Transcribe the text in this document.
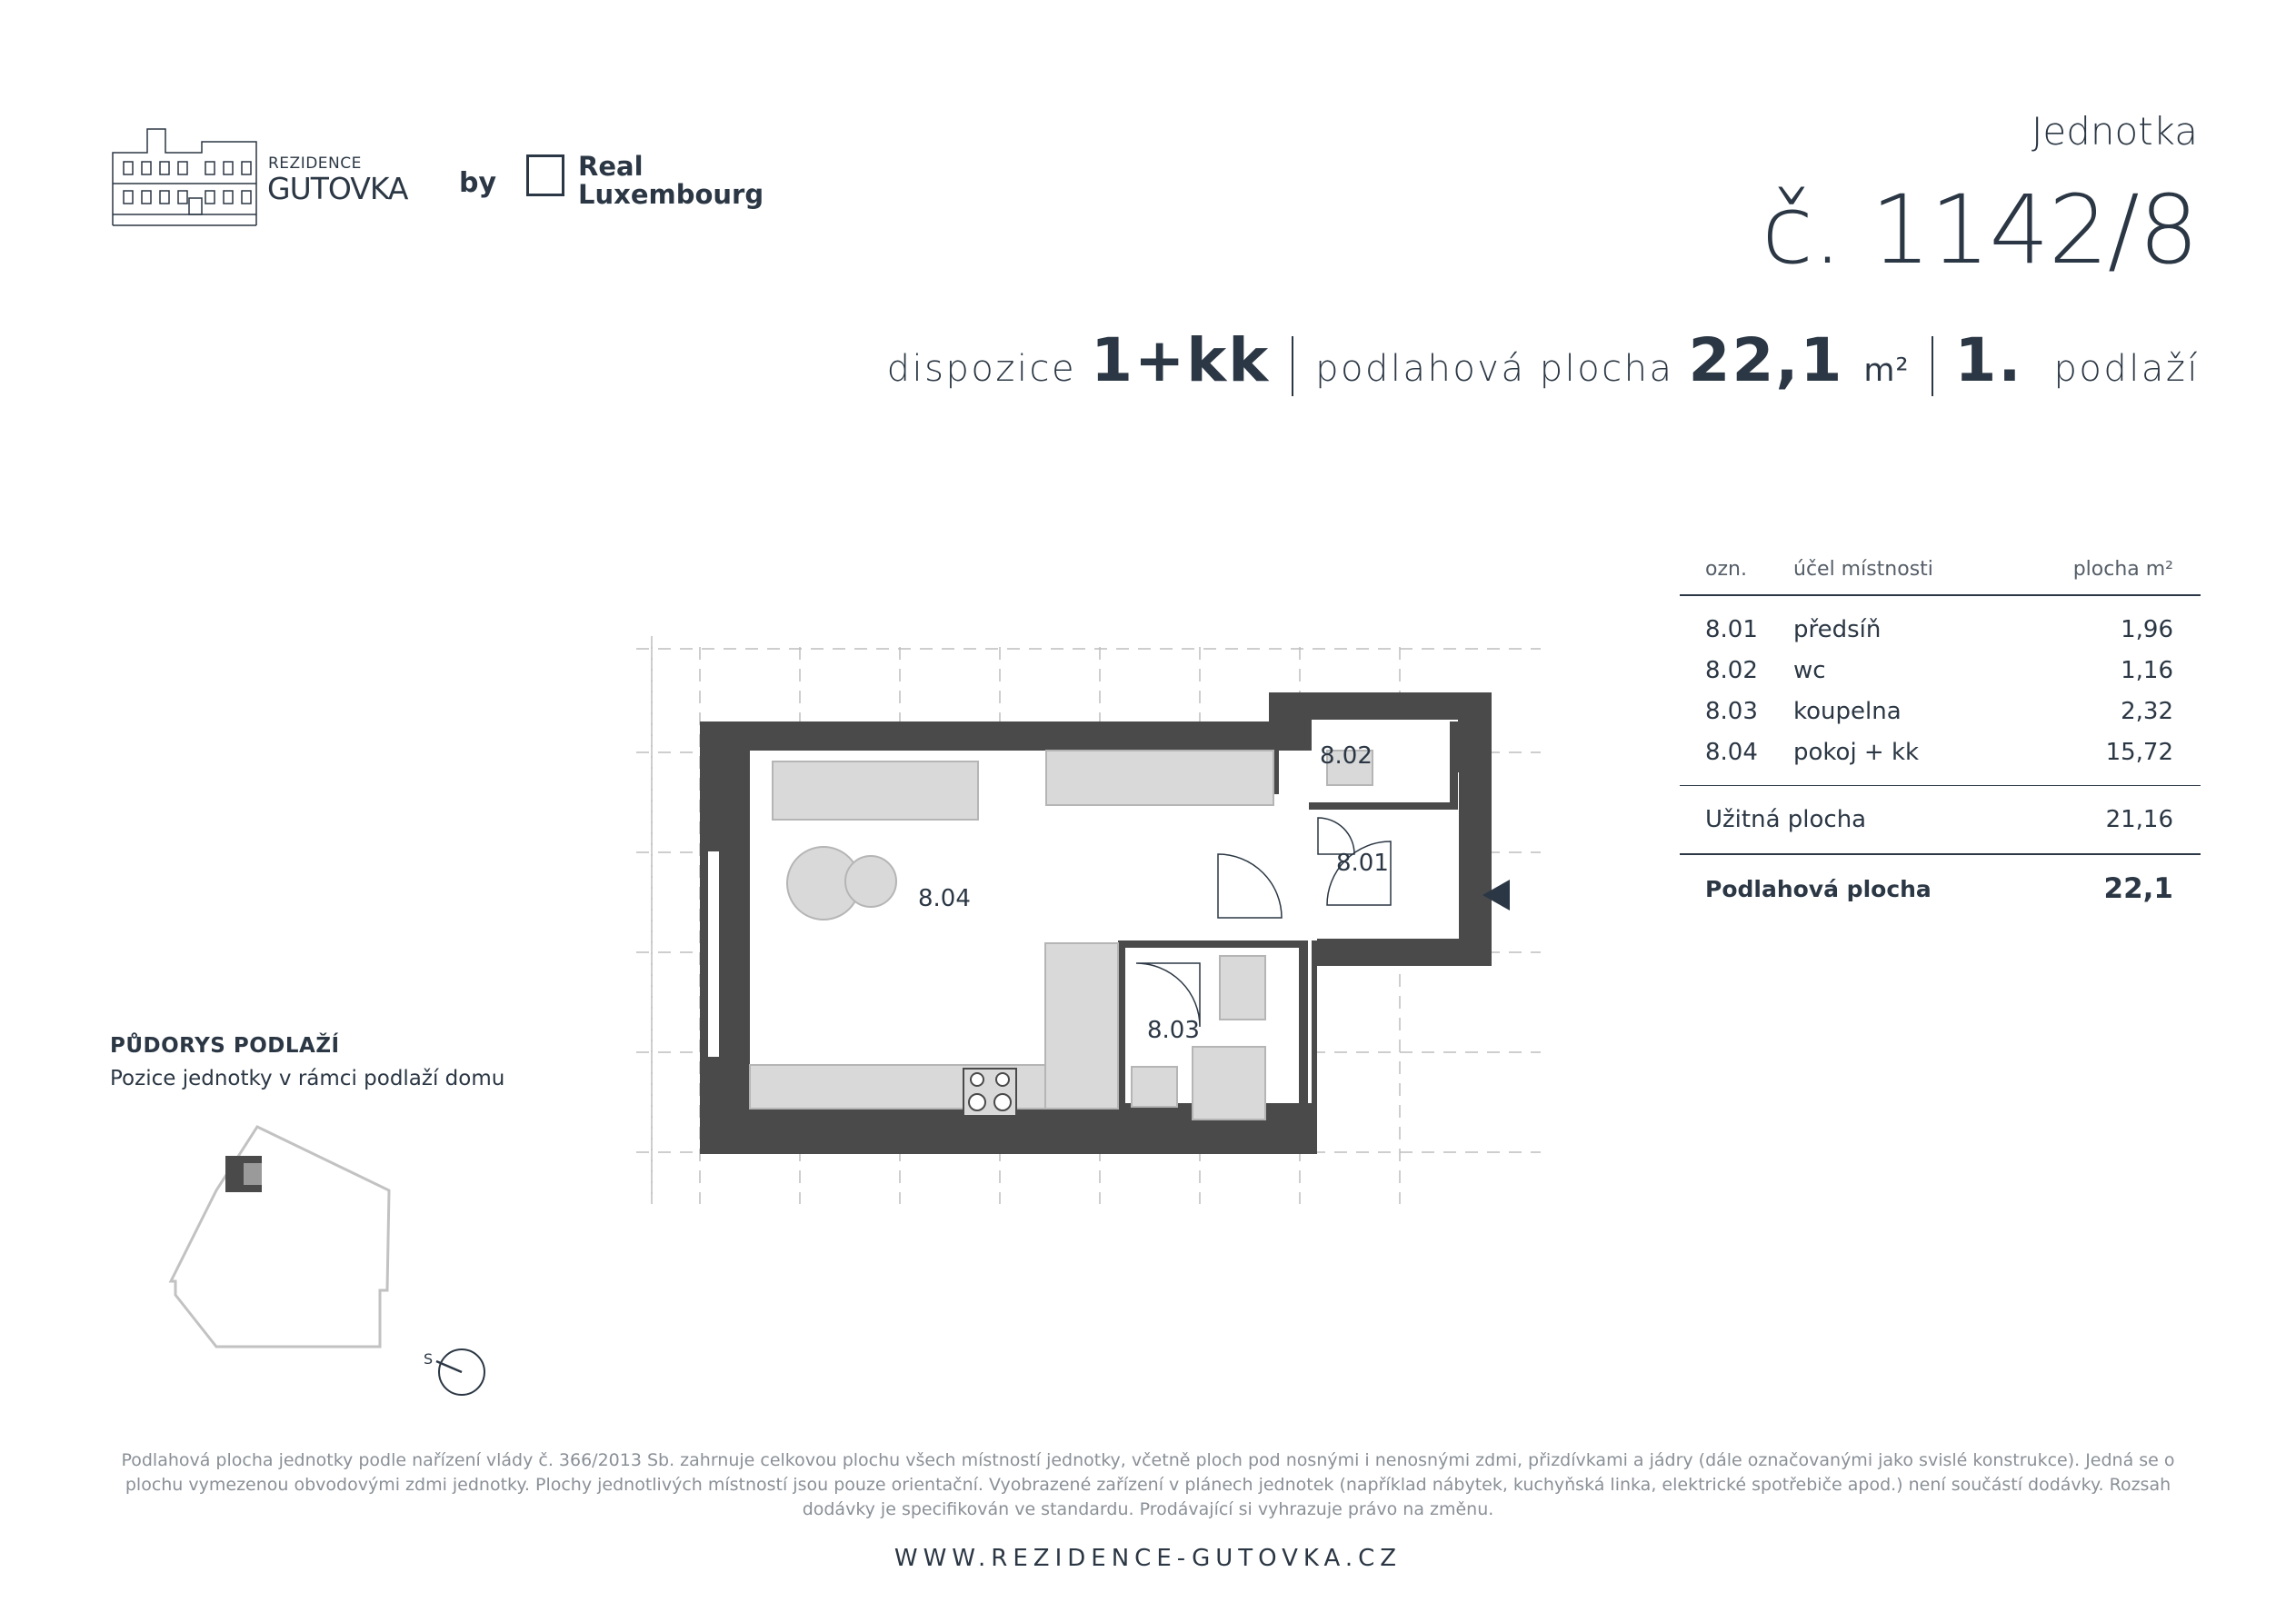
REZIDENCE
GUTOVKA by
Real
Luxembourg
Jednotka
č. 1142/8
dispozice 1+kk podlahová plocha 22,1 m² 1. podlaží
ozn.	účel místnosti	plocha m²
8.01	předsíň	1,96
8.02	wc	1,16
8.03	koupelna	2,32
8.04	pokoj + kk	15,72
Užitná plocha	21,16
Podlahová plocha	22,1
8.04
8.02
8.01
8.03
PŮDORYS PODLAŽÍ
Pozice jednotky v rámci podlaží domu
S
Podlahová plocha jednotky podle nařízení vlády č. 366/2013 Sb. zahrnuje celkovou plochu všech místností jednotky, včetně ploch pod nosnými i nenosnými zdmi, přizdívkami a jádry (dále označovanými jako svislé konstrukce). Jedná se o
plochu vymezenou obvodovými zdmi jednotky. Plochy jednotlivých místností jsou pouze orientační. Vyobrazené zařízení v plánech jednotek (například nábytek, kuchyňská linka, elektrické spotřebiče apod.) není součástí dodávky. Rozsah
dodávky je specifikován ve standardu. Prodávající si vyhrazuje právo na změnu.
WWW.REZIDENCE-GUTOVKA.CZ
